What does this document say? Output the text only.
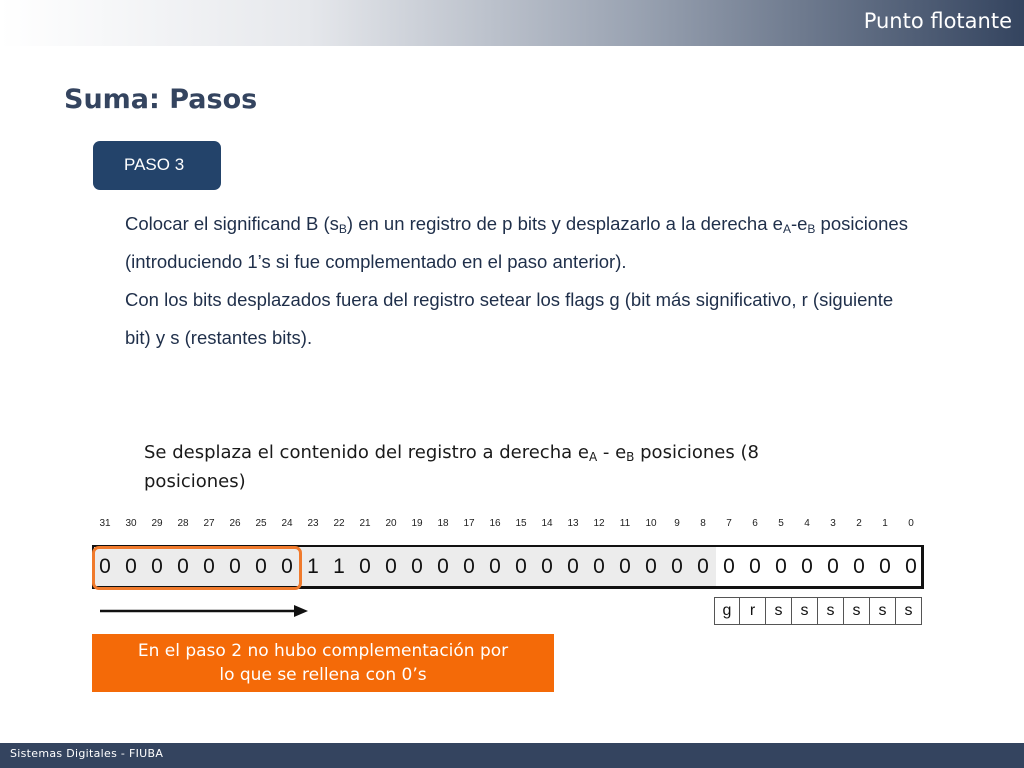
Punto flotante
Suma: Pasos
PASO 3

Colocar el significand B $(s_B)$ en un registro de p bits y desplazarlo a la derecha $e_A-e_B$ posiciones (introduciendo 1’s si fue complementado en el paso anterior).

Con los bits desplazados fuera del registro setear los flags g (bit más significativo, r (siguiente bit) y s (restantes bits).

Se desplaza el contenido del registro a derecha $e_A - e_B$ posiciones (8 posiciones)
31	30	29	28	27	26	25	24	23	22	21	20	19	18	17	16	15	14	13	12	11	10	9	8	7	6	5	4	3	2	1	0
0 0 0 0 0 0 0 0 1 1 0 0 0 0 0 0 0 0 0 0 0 0 0 0 0 0 0 0 0 0 0 0
g	r	s	s	s	s	s	s
En el paso 2 no hubo complementación por
lo que se rellena con 0’s
Sistemas Digitales - FIUBA
